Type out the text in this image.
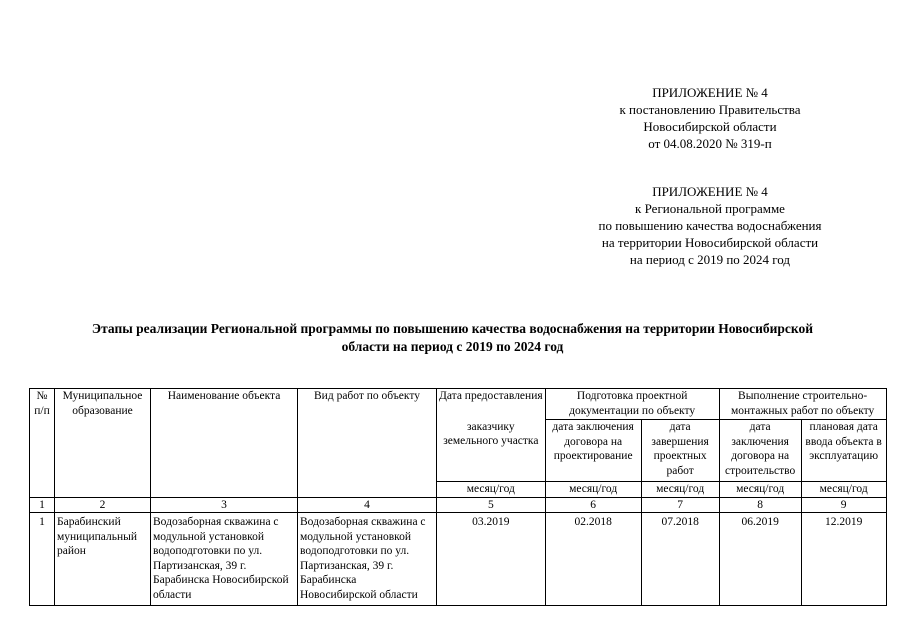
ПРИЛОЖЕНИЕ № 4
к постановлению Правительства
Новосибирской области
от 04.08.2020 № 319-п
ПРИЛОЖЕНИЕ № 4
к Региональной программе
по повышению качества водоснабжения
на территории Новосибирской области
на период с 2019 по 2024 год
Этапы реализации Региональной программы по повышению качества водоснабжения на территории Новосибирской
области на период с 2019 по 2024 год
№ п/п	Муниципальное образование	Наименование объекта	Вид работ по объекту	Дата предоставления	Подготовка проектной документации по объекту		Выполнение строительно-монтажных работ по объекту	
				заказчику земельного участка	дата заключения договора на проектирование	дата завершения проектных работ	дата заключения договора на строительство	плановая дата ввода объекта в эксплуатацию
				месяц/год	месяц/год	месяц/год	месяц/год	месяц/год
1	2	3	4	5	6	7	8	9
1	Барабинский муниципальный район	Водозаборная скважина с модульной установкой водоподготовки по ул. Партизанская, 39 г. Барабинска Новосибирской области	Водозаборная скважина с модульной установкой водоподготовки по ул. Партизанская, 39 г. Барабинска Новосибирской области	03.2019	02.2018	07.2018	06.2019	12.2019
